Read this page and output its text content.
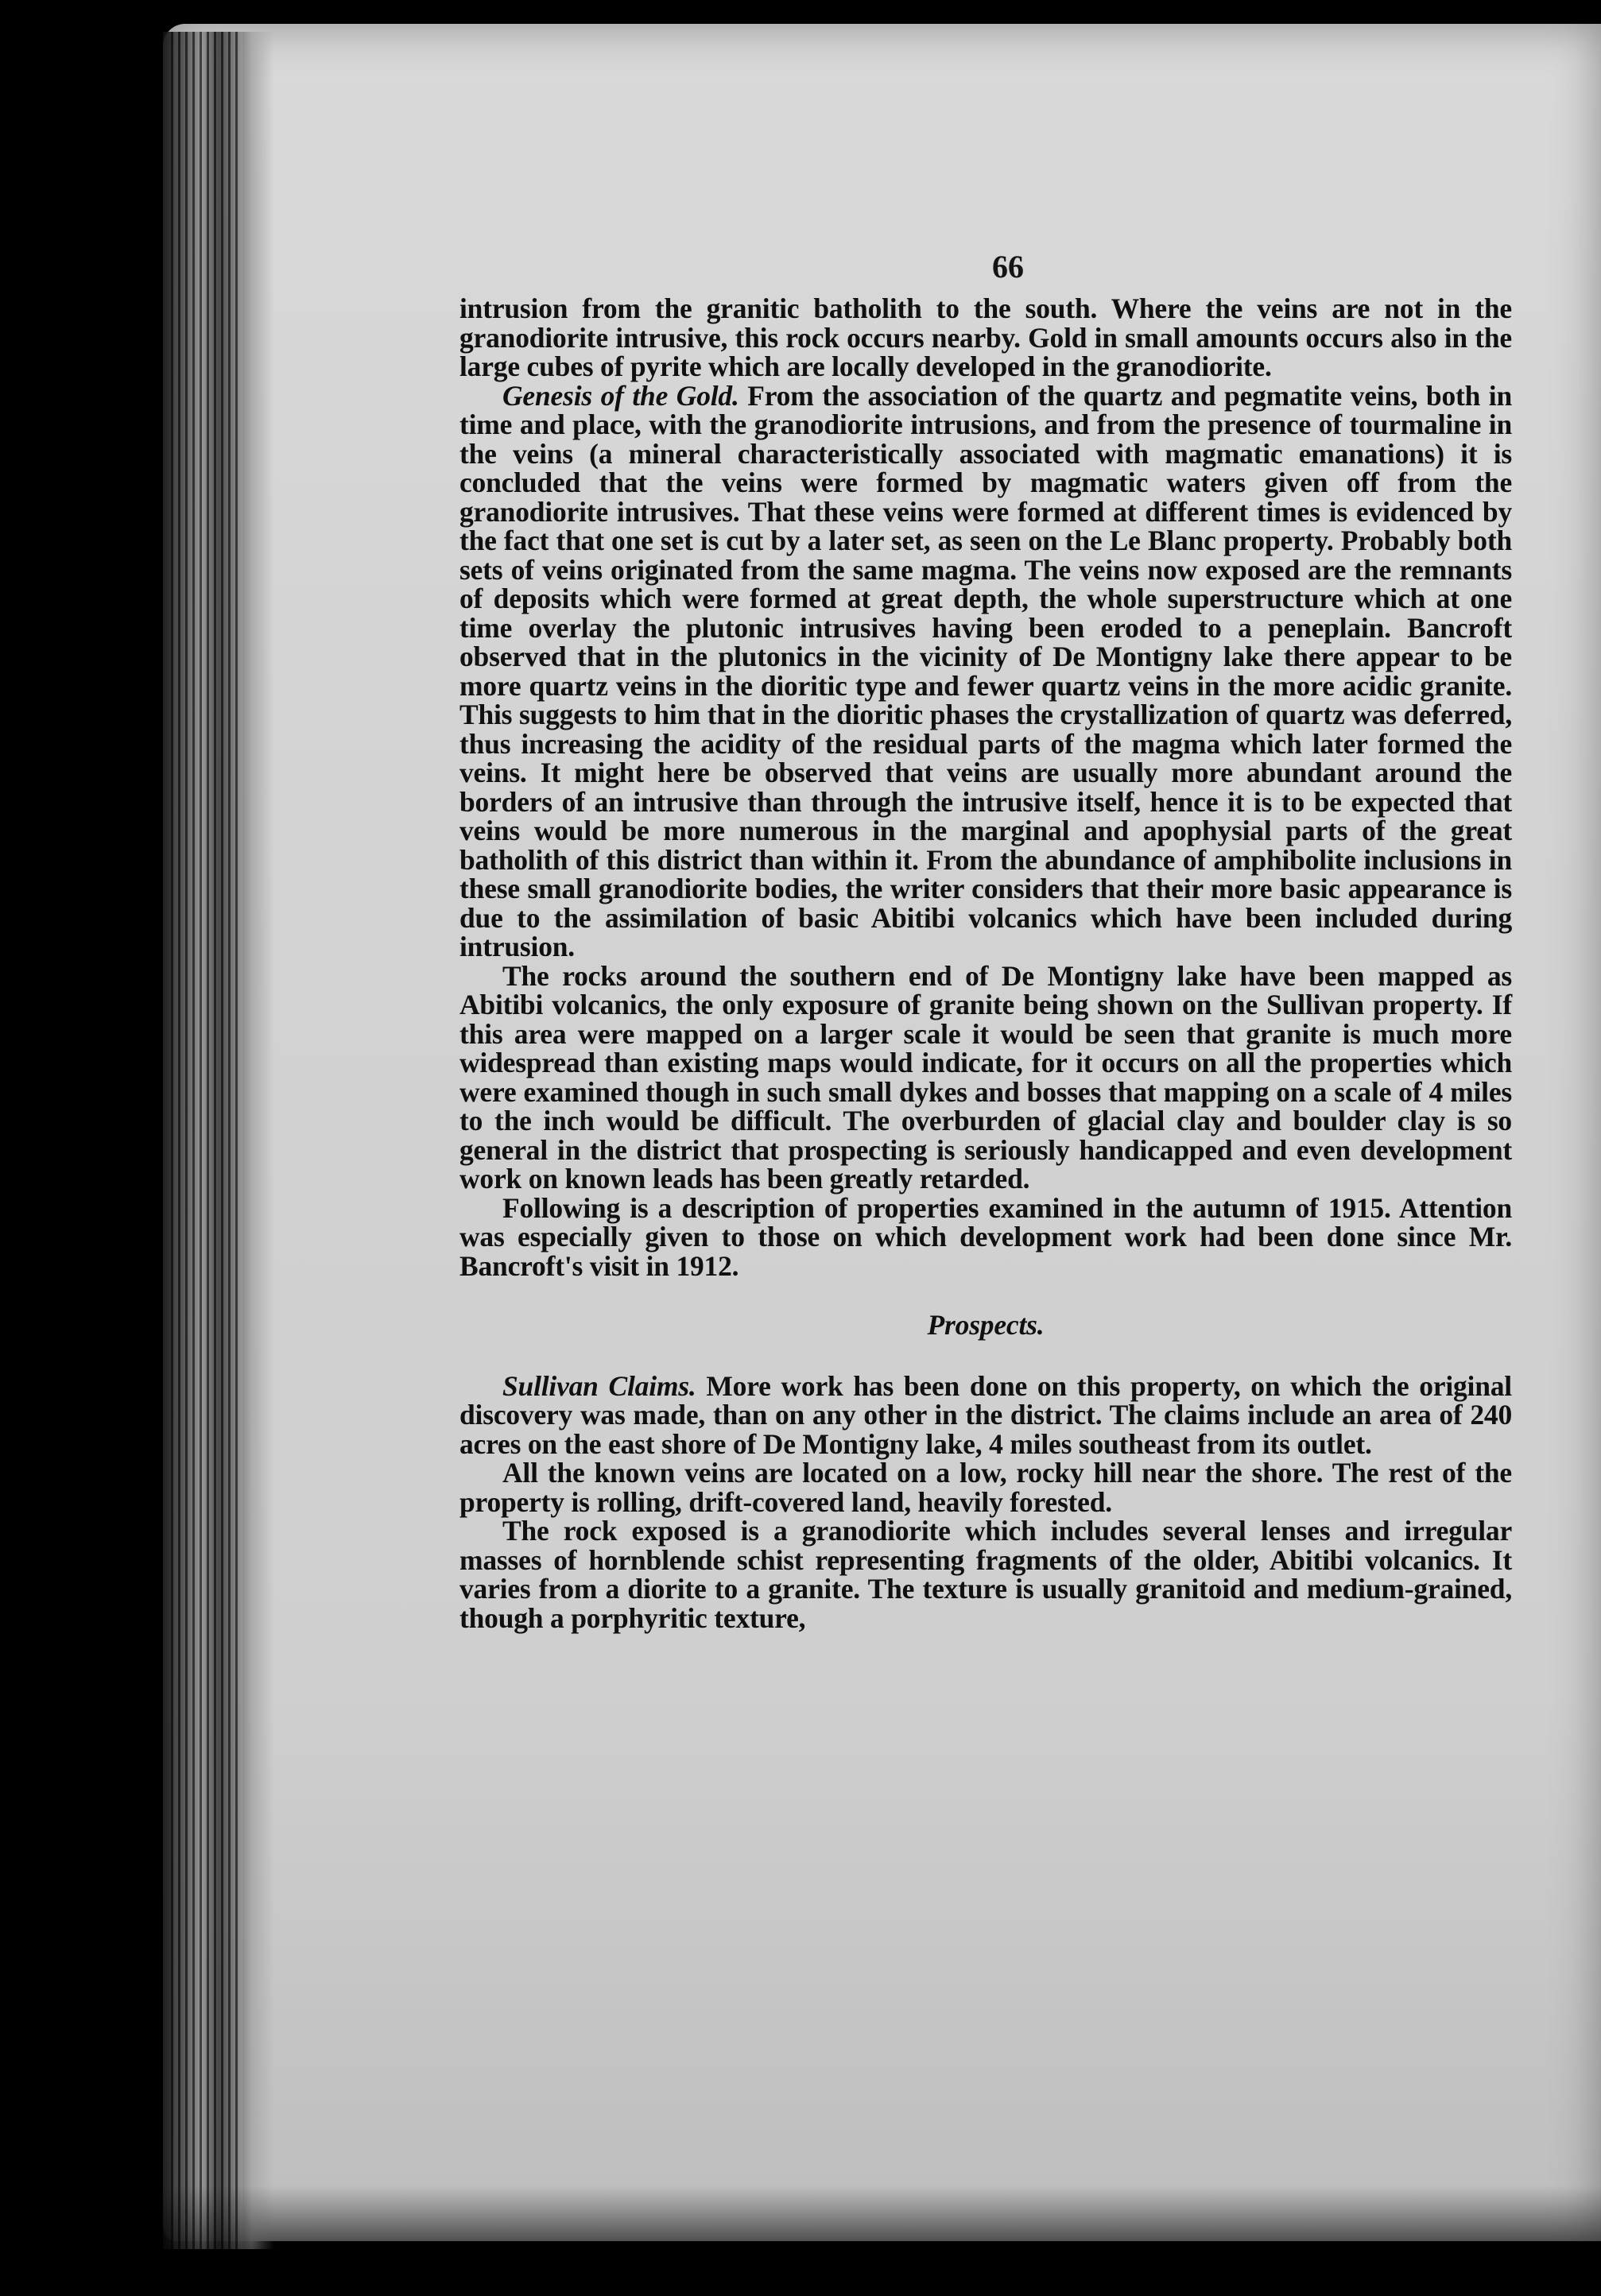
66

intrusion from the granitic batholith to the south. Where the veins are not in the granodiorite intrusive, this rock occurs nearby. Gold in small amounts occurs also in the large cubes of pyrite which are locally developed in the granodiorite.

Genesis of the Gold. From the association of the quartz and pegmatite veins, both in time and place, with the granodiorite intrusions, and from the presence of tourmaline in the veins (a mineral characteristically associated with magmatic emanations) it is concluded that the veins were formed by magmatic waters given off from the granodiorite intrusives. That these veins were formed at different times is evidenced by the fact that one set is cut by a later set, as seen on the Le Blanc property. Probably both sets of veins originated from the same magma. The veins now exposed are the remnants of deposits which were formed at great depth, the whole superstructure which at one time overlay the plutonic intrusives having been eroded to a peneplain. Bancroft observed that in the plutonics in the vicinity of De Montigny lake there appear to be more quartz veins in the dioritic type and fewer quartz veins in the more acidic granite. This suggests to him that in the dioritic phases the crystallization of quartz was deferred, thus increasing the acidity of the residual parts of the magma which later formed the veins. It might here be observed that veins are usually more abundant around the borders of an intrusive than through the intrusive itself, hence it is to be expected that veins would be more numerous in the marginal and apophysial parts of the great batholith of this district than within it. From the abundance of amphibolite inclusions in these small granodiorite bodies, the writer considers that their more basic appearance is due to the assimilation of basic Abitibi volcanics which have been included during intrusion.

The rocks around the southern end of De Montigny lake have been mapped as Abitibi volcanics, the only exposure of granite being shown on the Sullivan property. If this area were mapped on a larger scale it would be seen that granite is much more widespread than existing maps would indicate, for it occurs on all the properties which were examined though in such small dykes and bosses that mapping on a scale of 4 miles to the inch would be difficult. The overburden of glacial clay and boulder clay is so general in the district that prospecting is seriously handicapped and even development work on known leads has been greatly retarded.

Following is a description of properties examined in the autumn of 1915. Attention was especially given to those on which development work had been done since Mr. Bancroft's visit in 1912.

Prospects.

Sullivan Claims. More work has been done on this property, on which the original discovery was made, than on any other in the district. The claims include an area of 240 acres on the east shore of De Montigny lake, 4 miles southeast from its outlet.

All the known veins are located on a low, rocky hill near the shore. The rest of the property is rolling, drift-covered land, heavily forested.

The rock exposed is a granodiorite which includes several lenses and irregular masses of hornblende schist representing fragments of the older, Abitibi volcanics. It varies from a diorite to a granite. The texture is usually granitoid and medium-grained, though a porphyritic texture,
